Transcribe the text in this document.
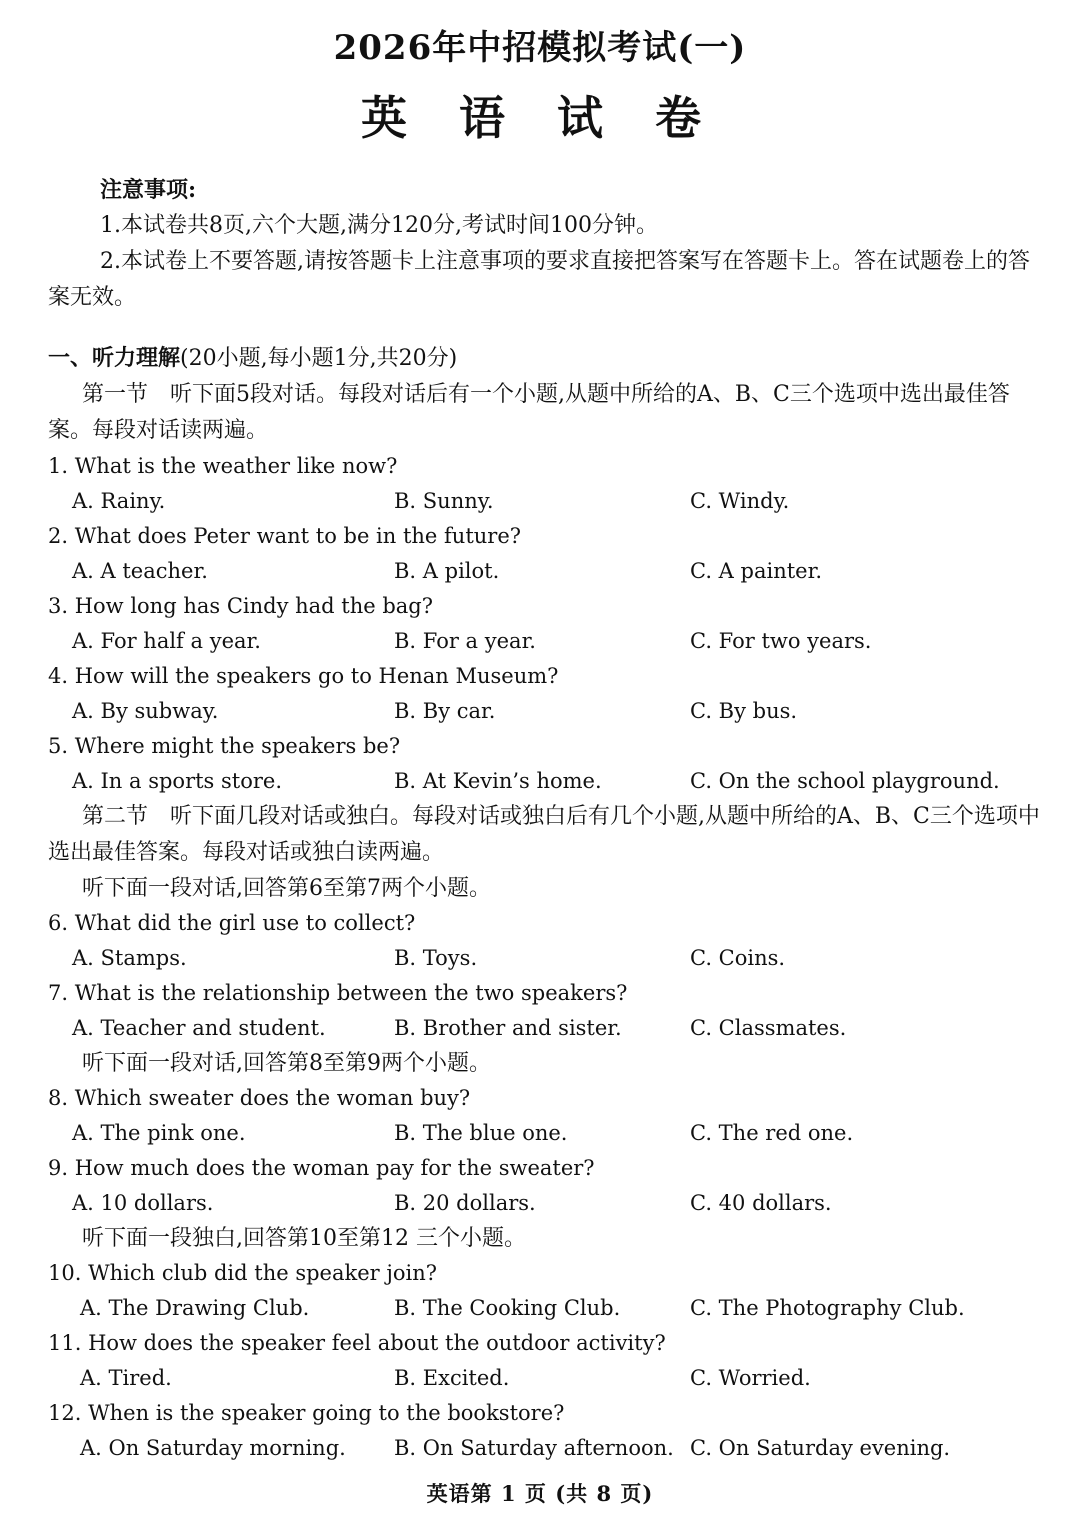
2026年中招模拟考试(一)
英 语 试 卷
注意事项:
1.本试卷共8页,六个大题,满分120分,考试时间100分钟。
2.本试卷上不要答题,请按答题卡上注意事项的要求直接把答案写在答题卡上。答在试题卷上的答案无效。
一、听力理解(20小题,每小题1分,共20分)
第一节　听下面5段对话。每段对话后有一个小题,从题中所给的A、B、C三个选项中选出最佳答案。每段对话读两遍。
1. What is the weather like now?
A. Rainy.	B. Sunny.	C. Windy.
2. What does Peter want to be in the future?
A. A teacher.	B. A pilot.	C. A painter.
3. How long has Cindy had the bag?
A. For half a year.	B. For a year.	C. For two years.
4. How will the speakers go to Henan Museum?
A. By subway.	B. By car.	C. By bus.
5. Where might the speakers be?
A. In a sports store.	B. At Kevin’s home.	C. On the school playground.
第二节　听下面几段对话或独白。每段对话或独白后有几个小题,从题中所给的A、B、C三个选项中选出最佳答案。每段对话或独白读两遍。
听下面一段对话,回答第6至第7两个小题。
6. What did the girl use to collect?
A. Stamps.	B. Toys.	C. Coins.
7. What is the relationship between the two speakers?
A. Teacher and student.	B. Brother and sister.	C. Classmates.
听下面一段对话,回答第8至第9两个小题。
8. Which sweater does the woman buy?
A. The pink one.	B. The blue one.	C. The red one.
9. How much does the woman pay for the sweater?
A. 10 dollars.	B. 20 dollars.	C. 40 dollars.
听下面一段独白,回答第10至第12 三个小题。
10. Which club did the speaker join?
A. The Drawing Club.	B. The Cooking Club.	C. The Photography Club.
11. How does the speaker feel about the outdoor activity?
A. Tired.	B. Excited.	C. Worried.
12. When is the speaker going to the bookstore?
A. On Saturday morning. B. On Saturday afternoon. C. On Saturday evening.
英语第 1 页 (共 8 页)
